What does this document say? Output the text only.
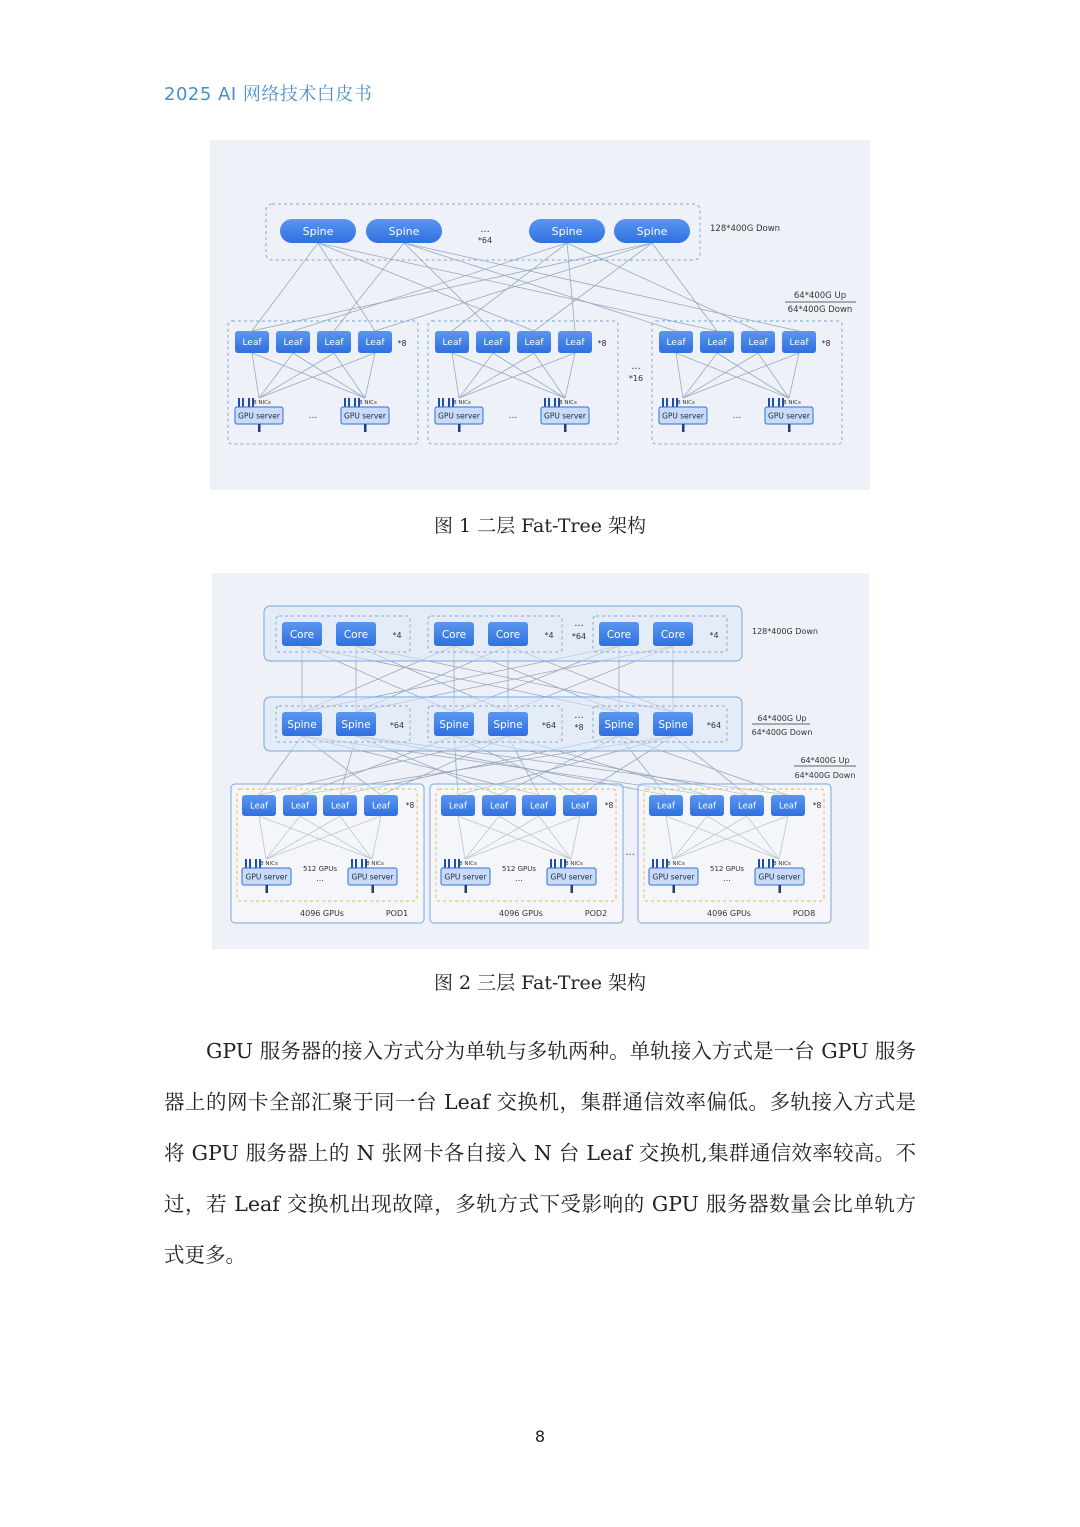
2025 AI 网络技术白皮书
Spine	Spine	...
*64
Spine	Spine	128*400G Down
64*400G Up
64*400G Down
Leaf Leaf Leaf Leaf *8
8 NICs
GPU server
8 NICs
GPU server
...
Leaf Leaf Leaf Leaf *8
8 NICs
GPU server
8 NICs
GPU server
...
Leaf Leaf Leaf Leaf *8
8 NICs
GPU server
8 NICs
GPU server
...
...
*16
图 1 二层 Fat-Tree 架构
Core	Core	*4
Spine Spine *64
Core	Core	*4
Spine Spine *64
Core	Core	*4
Spine Spine *64
...
*64
128*400G Down
...
*8
64*400G Up
64*400G Down
64*400G Up
64*400G Down
Leaf	Leaf	Leaf	Leaf *8
8 NICs
GPU server
8 NICs
GPU server
512 GPUs
...
4096 GPUs	POD1
Leaf	Leaf	Leaf	Leaf *8
8 NICs
GPU server
8 NICs
GPU server
512 GPUs
...
4096 GPUs	POD2
Leaf	Leaf	Leaf	Leaf *8
8 NICs
GPU server
8 NICs
GPU server
512 GPUs
...
4096 GPUs	POD8
...
图 2 三层 Fat-Tree 架构

GPU 服务器的接入方式分为单轨与多轨两种。单轨接入方式是一台 GPU 服务器上的网卡全部汇聚于同一台 Leaf 交换机，集群通信效率偏低。多轨接入方式是将 GPU 服务器上的 N 张网卡各自接入 N 台 Leaf 交换机,集群通信效率较高。不过，若 Leaf 交换机出现故障，多轨方式下受影响的 GPU 服务器数量会比单轨方式更多。

8
